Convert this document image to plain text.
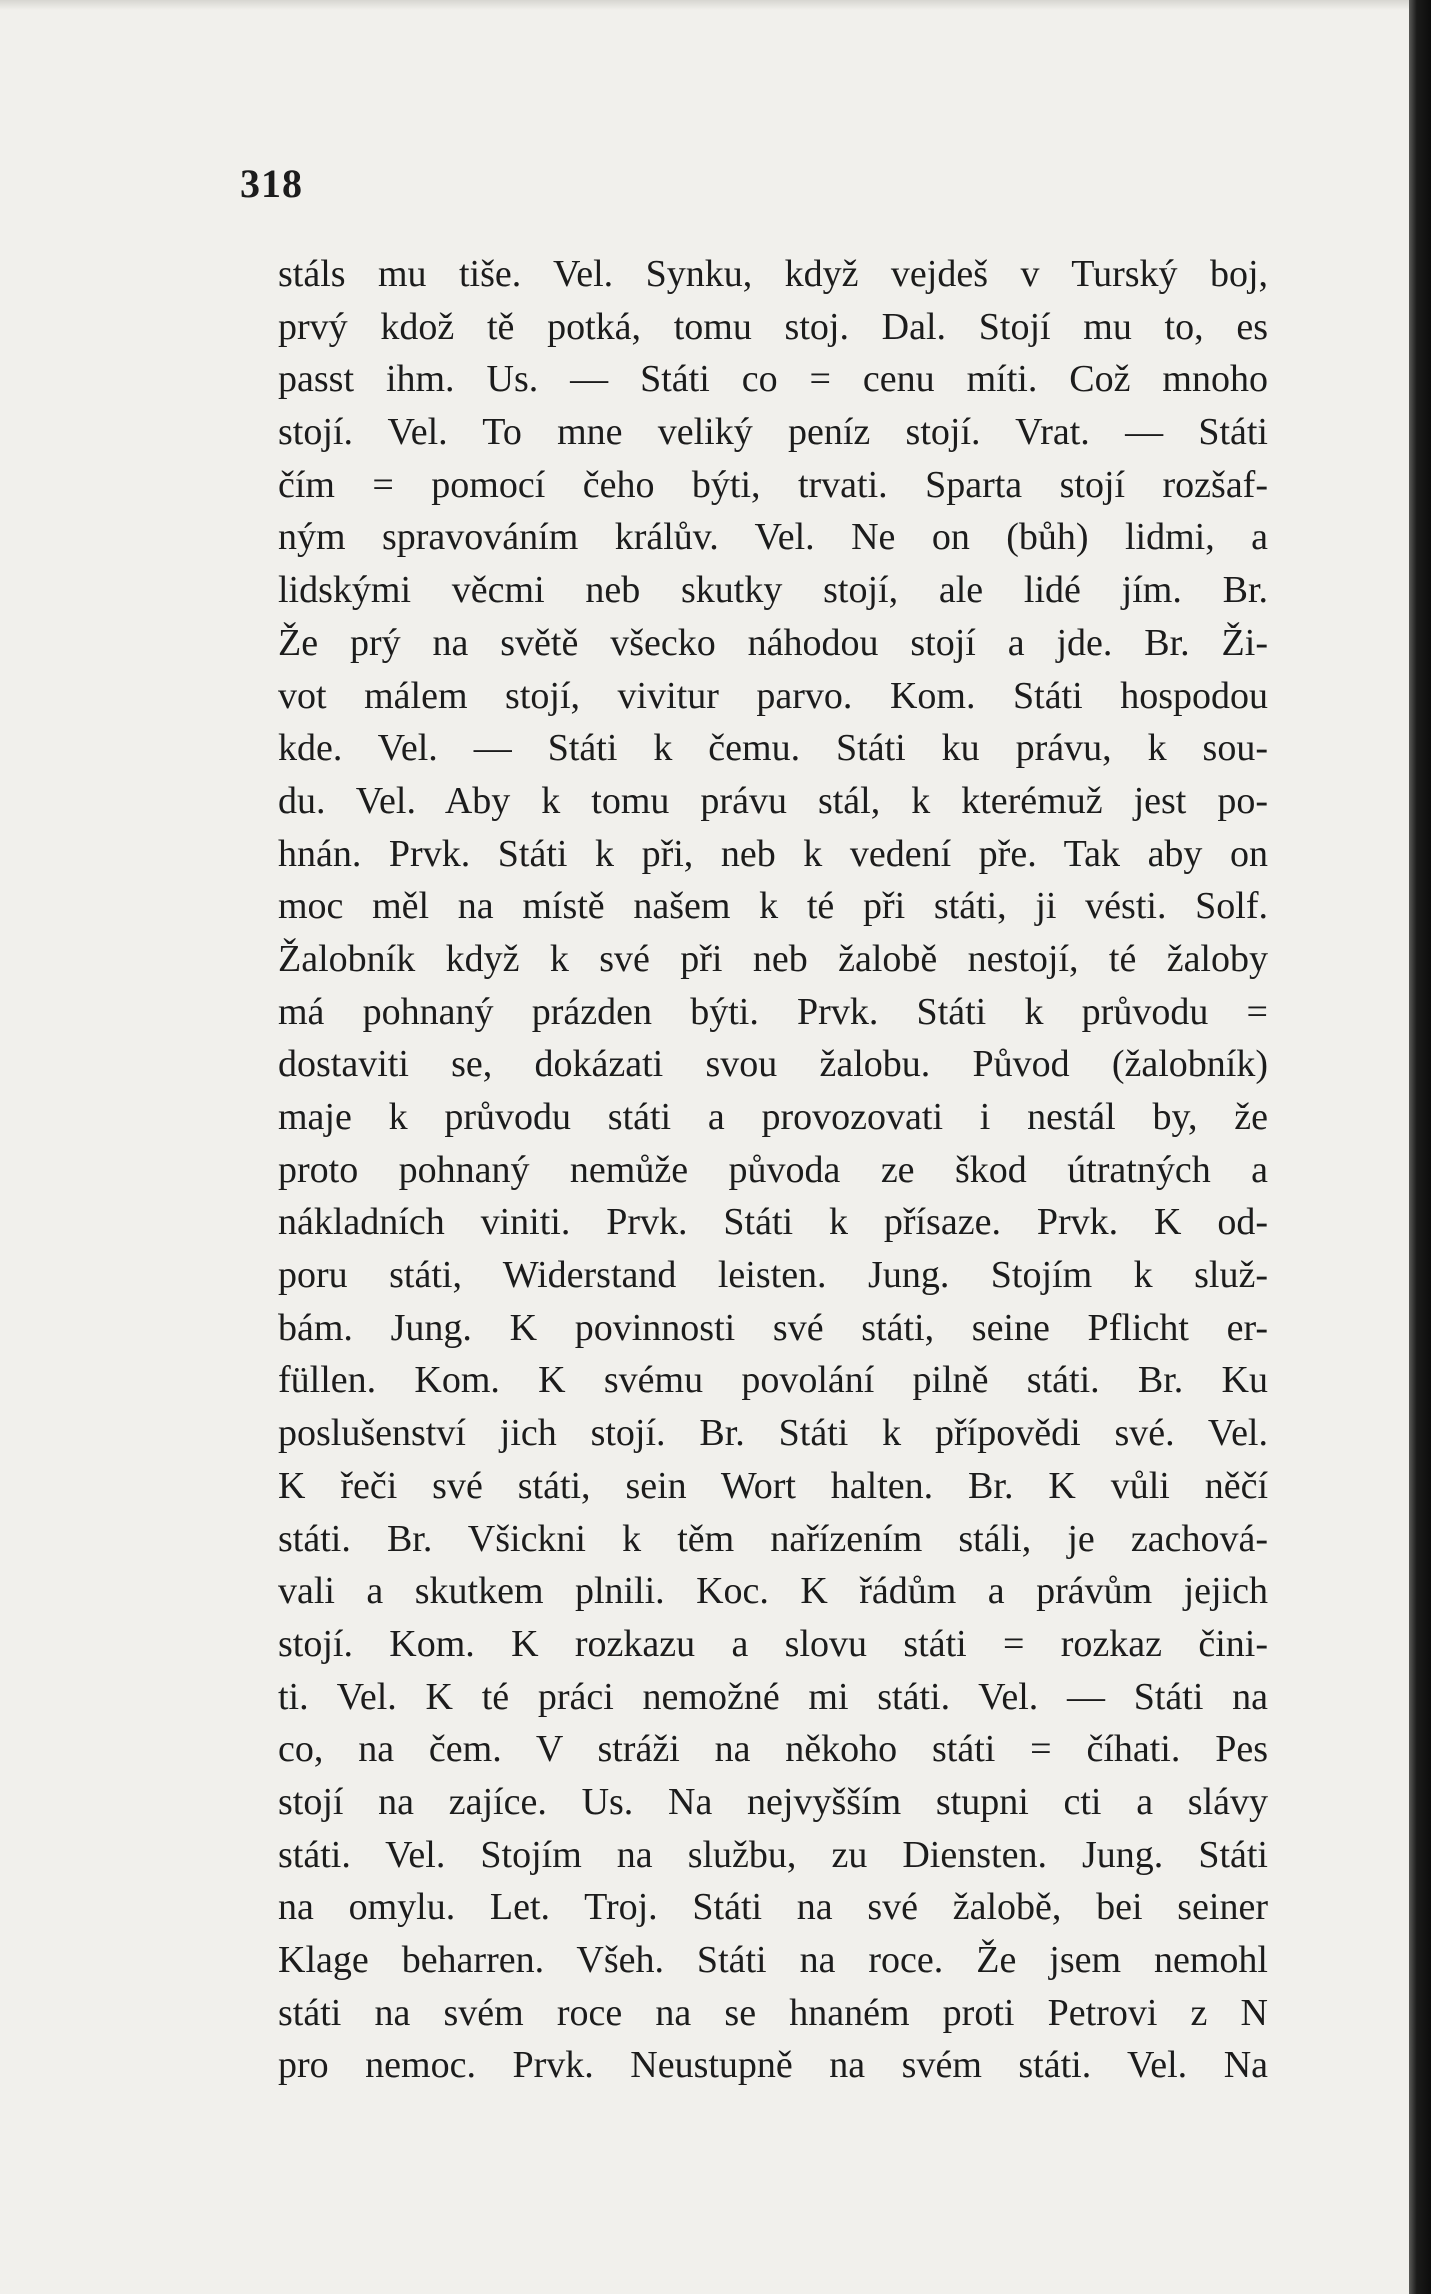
318
stáls mu tiše. Vel. Synku, když vejdeš v Turský boj,
prvý kdož tě potká, tomu stoj. Dal. Stojí mu to, es
passt ihm. Us. — Státi co = cenu míti. Což mnoho
stojí. Vel. To mne veliký peníz stojí. Vrat. — Státi
čím = pomocí čeho býti, trvati. Sparta stojí rozšaf-
ným spravováním králův. Vel. Ne on (bůh) lidmi, a
lidskými věcmi neb skutky stojí, ale lidé jím. Br.
Že prý na světě všecko náhodou stojí a jde. Br. Ži-
vot málem stojí, vivitur parvo. Kom. Státi hospodou
kde. Vel. — Státi k čemu. Státi ku právu, k sou-
du. Vel. Aby k tomu právu stál, k kterémuž jest po-
hnán. Prvk. Státi k při, neb k vedení pře. Tak aby on
moc měl na místě našem k té při státi, ji vésti. Solf.
Žalobník když k své při neb žalobě nestojí, té žaloby
má pohnaný prázden býti. Prvk. Státi k průvodu =
dostaviti se, dokázati svou žalobu. Původ (žalobník)
maje k průvodu státi a provozovati i nestál by, že
proto pohnaný nemůže původa ze škod útratných a
nákladních viniti. Prvk. Státi k přísaze. Prvk. K od-
poru státi, Widerstand leisten. Jung. Stojím k služ-
bám. Jung. K povinnosti své státi, seine Pflicht er-
füllen. Kom. K svému povolání pilně státi. Br. Ku
poslušenství jich stojí. Br. Státi k přípovědi své. Vel.
K řeči své státi, sein Wort halten. Br. K vůli něčí
státi. Br. Všickni k těm nařízením stáli, je zachová-
vali a skutkem plnili. Koc. K řádům a právům jejich
stojí. Kom. K rozkazu a slovu státi = rozkaz čini-
ti. Vel. K té práci nemožné mi státi. Vel. — Státi na
co, na čem. V stráži na někoho státi = číhati. Pes
stojí na zajíce. Us. Na nejvyšším stupni cti a slávy
státi. Vel. Stojím na službu, zu Diensten. Jung. Státi
na omylu. Let. Troj. Státi na své žalobě, bei seiner
Klage beharren. Všeh. Státi na roce. Že jsem nemohl
státi na svém roce na se hnaném proti Petrovi z N
pro nemoc. Prvk. Neustupně na svém státi. Vel. Na
